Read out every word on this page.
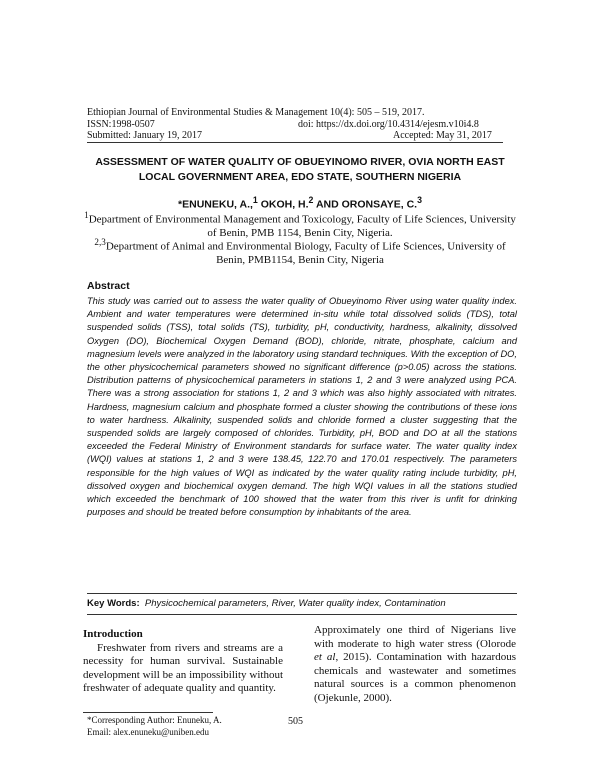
Ethiopian Journal of Environmental Studies & Management 10(4): 505 – 519, 2017.
ISSN:1998-0507	doi: https://dx.doi.org/10.4314/ejesm.v10i4.8
Submitted: January 19, 2017	Accepted: May 31, 2017
ASSESSMENT OF WATER QUALITY OF OBUEYINOMO RIVER, OVIA NORTH EAST LOCAL GOVERNMENT AREA, EDO STATE, SOUTHERN NIGERIA
*ENUNEKU, A.,$^1$ OKOH, H.$^2$ AND ORONSAYE, C.$^3$
$^1$Department of Environmental Management and Toxicology, Faculty of Life Sciences, University of Benin, PMB 1154, Benin City, Nigeria.
$^{2,3}$Department of Animal and Environmental Biology, Faculty of Life Sciences, University of Benin, PMB1154, Benin City, Nigeria
Abstract
This study was carried out to assess the water quality of Obueyinomo River using water quality index. Ambient and water temperatures were determined in-situ while total dissolved solids (TDS), total suspended solids (TSS), total solids (TS), turbidity, pH, conductivity, hardness, alkalinity, dissolved Oxygen (DO), Biochemical Oxygen Demand (BOD), chloride, nitrate, phosphate, calcium and magnesium levels were analyzed in the laboratory using standard techniques. With the exception of DO, the other physicochemical parameters showed no significant difference (p>0.05) across the stations. Distribution patterns of physicochemical parameters in stations 1, 2 and 3 were analyzed using PCA. There was a strong association for stations 1, 2 and 3 which was also highly associated with nitrates. Hardness, magnesium calcium and phosphate formed a cluster showing the contributions of these ions to water hardness. Alkalinity, suspended solids and chloride formed a cluster suggesting that the suspended solids are largely composed of chlorides. Turbidity, pH, BOD and DO at all the stations exceeded the Federal Ministry of Environment standards for surface water. The water quality index (WQI) values at stations 1, 2 and 3 were 138.45, 122.70 and 170.01 respectively. The parameters responsible for the high values of WQI as indicated by the water quality rating include turbidity, pH, dissolved oxygen and biochemical oxygen demand. The high WQI values in all the stations studied which exceeded the benchmark of 100 showed that the water from this river is unfit for drinking purposes and should be treated before consumption by inhabitants of the area.
Key Words: Physicochemical parameters, River, Water quality index, Contamination
Introduction
Freshwater from rivers and streams are a necessity for human survival. Sustainable development will be an impossibility without freshwater of adequate quality and quantity.
Approximately one third of Nigerians live with moderate to high water stress (Olorode et al, 2015). Contamination with hazardous chemicals and wastewater and sometimes natural sources is a common phenomenon (Ojekunle, 2000).
*Corresponding Author: Enuneku, A.
Email: alex.enuneku@uniben.edu
505
